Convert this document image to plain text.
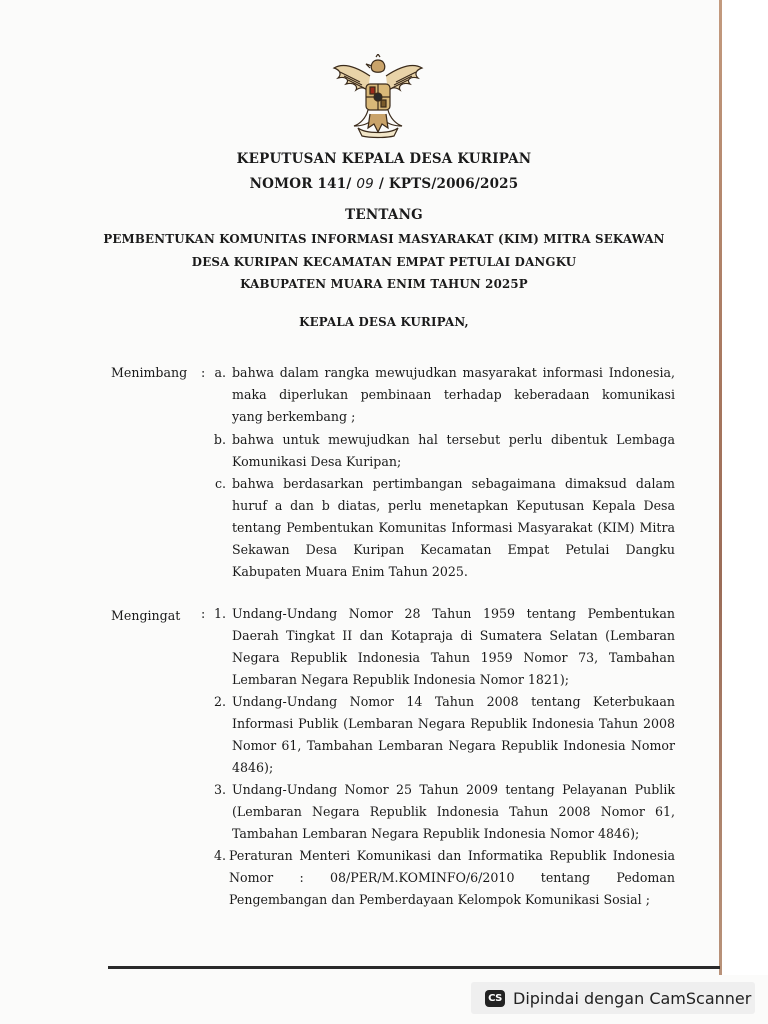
KEPUTUSAN KEPALA DESA KURIPAN
NOMOR 141/ 09 / KPTS/2006/2025
TENTANG
PEMBENTUKAN KOMUNITAS INFORMASI MASYARAKAT (KIM) MITRA SEKAWAN
DESA KURIPAN KECAMATAN EMPAT PETULAI DANGKU
KABUPATEN MUARA ENIM TAHUN 2025P
KEPALA DESA KURIPAN,
Menimbang : a. bahwa dalam rangka mewujudkan masyarakat informasi Indonesia,
maka diperlukan pembinaan terhadap keberadaan komunikasi
yang berkembang ;
b. bahwa untuk mewujudkan hal tersebut perlu dibentuk Lembaga
Komunikasi Desa Kuripan;
c. bahwa berdasarkan pertimbangan sebagaimana dimaksud dalam
huruf a dan b diatas, perlu menetapkan Keputusan Kepala Desa
tentang Pembentukan Komunitas Informasi Masyarakat (KIM) Mitra
Sekawan Desa Kuripan Kecamatan Empat Petulai Dangku
Kabupaten Muara Enim Tahun 2025.
Mengingat : 1. Undang-Undang Nomor 28 Tahun 1959 tentang Pembentukan
Daerah Tingkat II dan Kotapraja di Sumatera Selatan (Lembaran
Negara Republik Indonesia Tahun 1959 Nomor 73, Tambahan
Lembaran Negara Republik Indonesia Nomor 1821);
2. Undang-Undang Nomor 14 Tahun 2008 tentang Keterbukaan
Informasi Publik (Lembaran Negara Republik Indonesia Tahun 2008
Nomor 61, Tambahan Lembaran Negara Republik Indonesia Nomor
4846);
3. Undang-Undang Nomor 25 Tahun 2009 tentang Pelayanan Publik
(Lembaran Negara Republik Indonesia Tahun 2008 Nomor 61,
Tambahan Lembaran Negara Republik Indonesia Nomor 4846);
4. Peraturan Menteri Komunikasi dan Informatika Republik Indonesia
Nomor : 08/PER/M.KOMINFO/6/2010 tentang Pedoman
Pengembangan dan Pemberdayaan Kelompok Komunikasi Sosial ;
CS Dipindai dengan CamScanner
